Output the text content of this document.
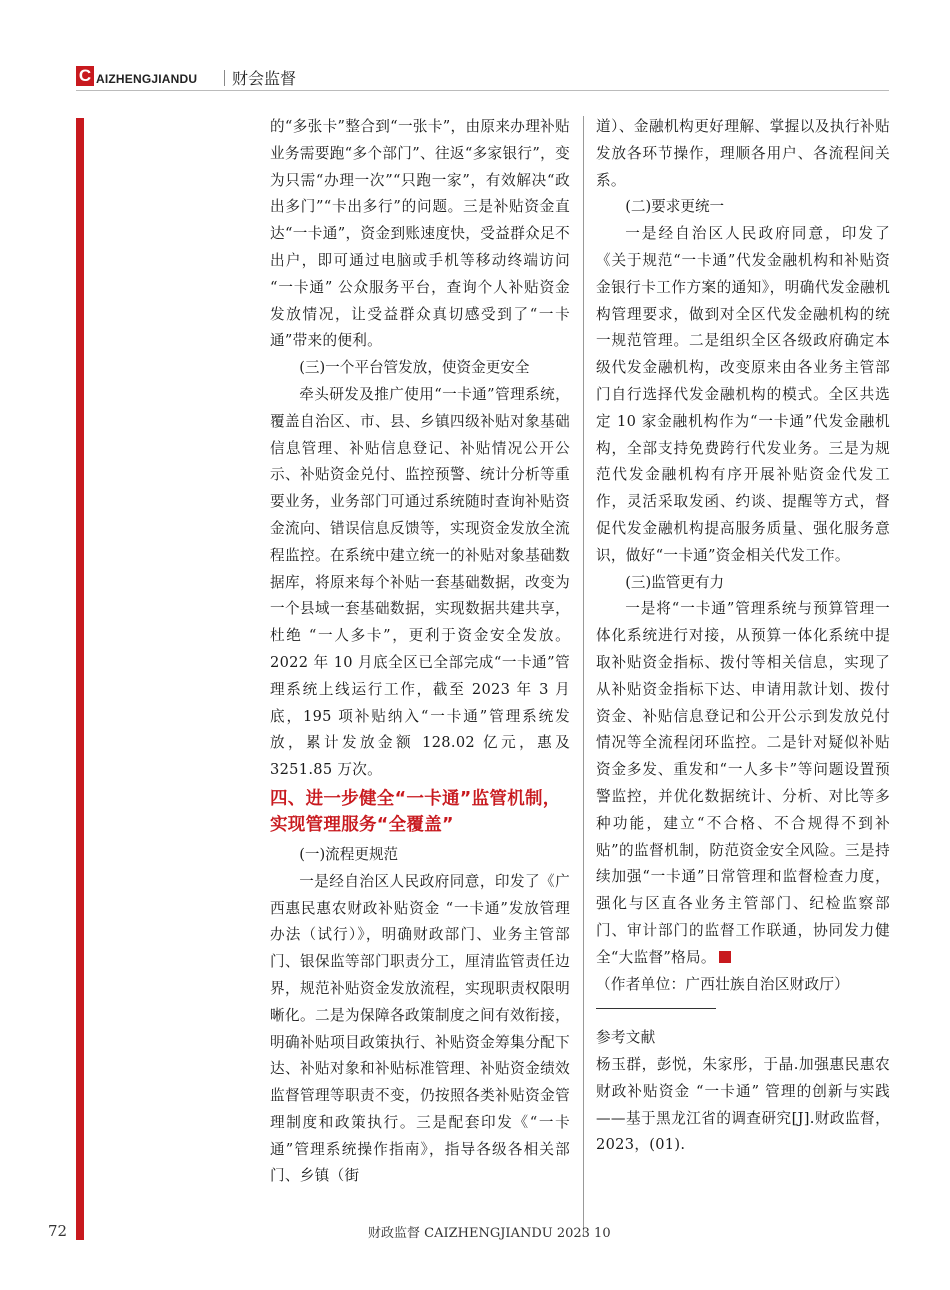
C AIZHENGJIANDU 财会监督

的“多张卡”整合到“一张卡”，由原来办理补贴业务需要跑“多个部门”、往返“多家银行”，变为只需“办理一次”“只跑一家”，有效解决“政出多门”“卡出多行”的问题。三是补贴资金直达“一卡通”，资金到账速度快，受益群众足不出户，即可通过电脑或手机等移动终端访问 “一卡通” 公众服务平台，查询个人补贴资金发放情况，让受益群众真切感受到了“一卡通”带来的便利。

(三)一个平台管发放，使资金更安全

牵头研发及推广使用“一卡通”管理系统，覆盖自治区、市、县、乡镇四级补贴对象基础信息管理、补贴信息登记、补贴情况公开公示、补贴资金兑付、监控预警、统计分析等重要业务，业务部门可通过系统随时查询补贴资金流向、错误信息反馈等，实现资金发放全流程监控。在系统中建立统一的补贴对象基础数据库，将原来每个补贴一套基础数据，改变为一个县域一套基础数据，实现数据共建共享，杜绝 “一人多卡”，更利于资金安全发放。2022 年 10 月底全区已全部完成“一卡通”管理系统上线运行工作，截至 2023 年 3 月底，195 项补贴纳入“一卡通”管理系统发放，累计发放金额 128.02 亿元，惠及 3251.85 万次。

四、进一步健全“一卡通”监管机制，实现管理服务“全覆盖”

(一)流程更规范

一是经自治区人民政府同意，印发了《广西惠民惠农财政补贴资金 “一卡通”发放管理办法（试行）》，明确财政部门、业务主管部门、银保监等部门职责分工，厘清监管责任边界，规范补贴资金发放流程，实现职责权限明晰化。二是为保障各政策制度之间有效衔接，明确补贴项目政策执行、补贴资金筹集分配下达、补贴对象和补贴标准管理、补贴资金绩效监督管理等职责不变，仍按照各类补贴资金管理制度和政策执行。三是配套印发《“一卡通”管理系统操作指南》，指导各级各相关部门、乡镇（街

道）、金融机构更好理解、掌握以及执行补贴发放各环节操作，理顺各用户、各流程间关系。

(二)要求更统一

一是经自治区人民政府同意，印发了《关于规范“一卡通”代发金融机构和补贴资金银行卡工作方案的通知》，明确代发金融机构管理要求，做到对全区代发金融机构的统一规范管理。二是组织全区各级政府确定本级代发金融机构，改变原来由各业务主管部门自行选择代发金融机构的模式。全区共选定 10 家金融机构作为“一卡通”代发金融机构，全部支持免费跨行代发业务。三是为规范代发金融机构有序开展补贴资金代发工作，灵活采取发函、约谈、提醒等方式，督促代发金融机构提高服务质量、强化服务意识，做好“一卡通”资金相关代发工作。

(三)监管更有力

一是将“一卡通”管理系统与预算管理一体化系统进行对接，从预算一体化系统中提取补贴资金指标、拨付等相关信息，实现了从补贴资金指标下达、申请用款计划、拨付资金、补贴信息登记和公开公示到发放兑付情况等全流程闭环监控。二是针对疑似补贴资金多发、重发和“一人多卡”等问题设置预警监控，并优化数据统计、分析、对比等多种功能，建立“不合格、不合规得不到补贴”的监督机制，防范资金安全风险。三是持续加强“一卡通”日常管理和监督检查力度，强化与区直各业务主管部门、纪检监察部门、审计部门的监督工作联通，协同发力健全“大监督”格局。

（作者单位：广西壮族自治区财政厅）

参考文献

杨玉群，彭悦，朱家彤，于晶.加强惠民惠农财政补贴资金 “一卡通” 管理的创新与实践——基于黑龙江省的调查研究[J].财政监督，2023，(01).

72	财政监督 CAIZHENGJIANDU 2023 10
